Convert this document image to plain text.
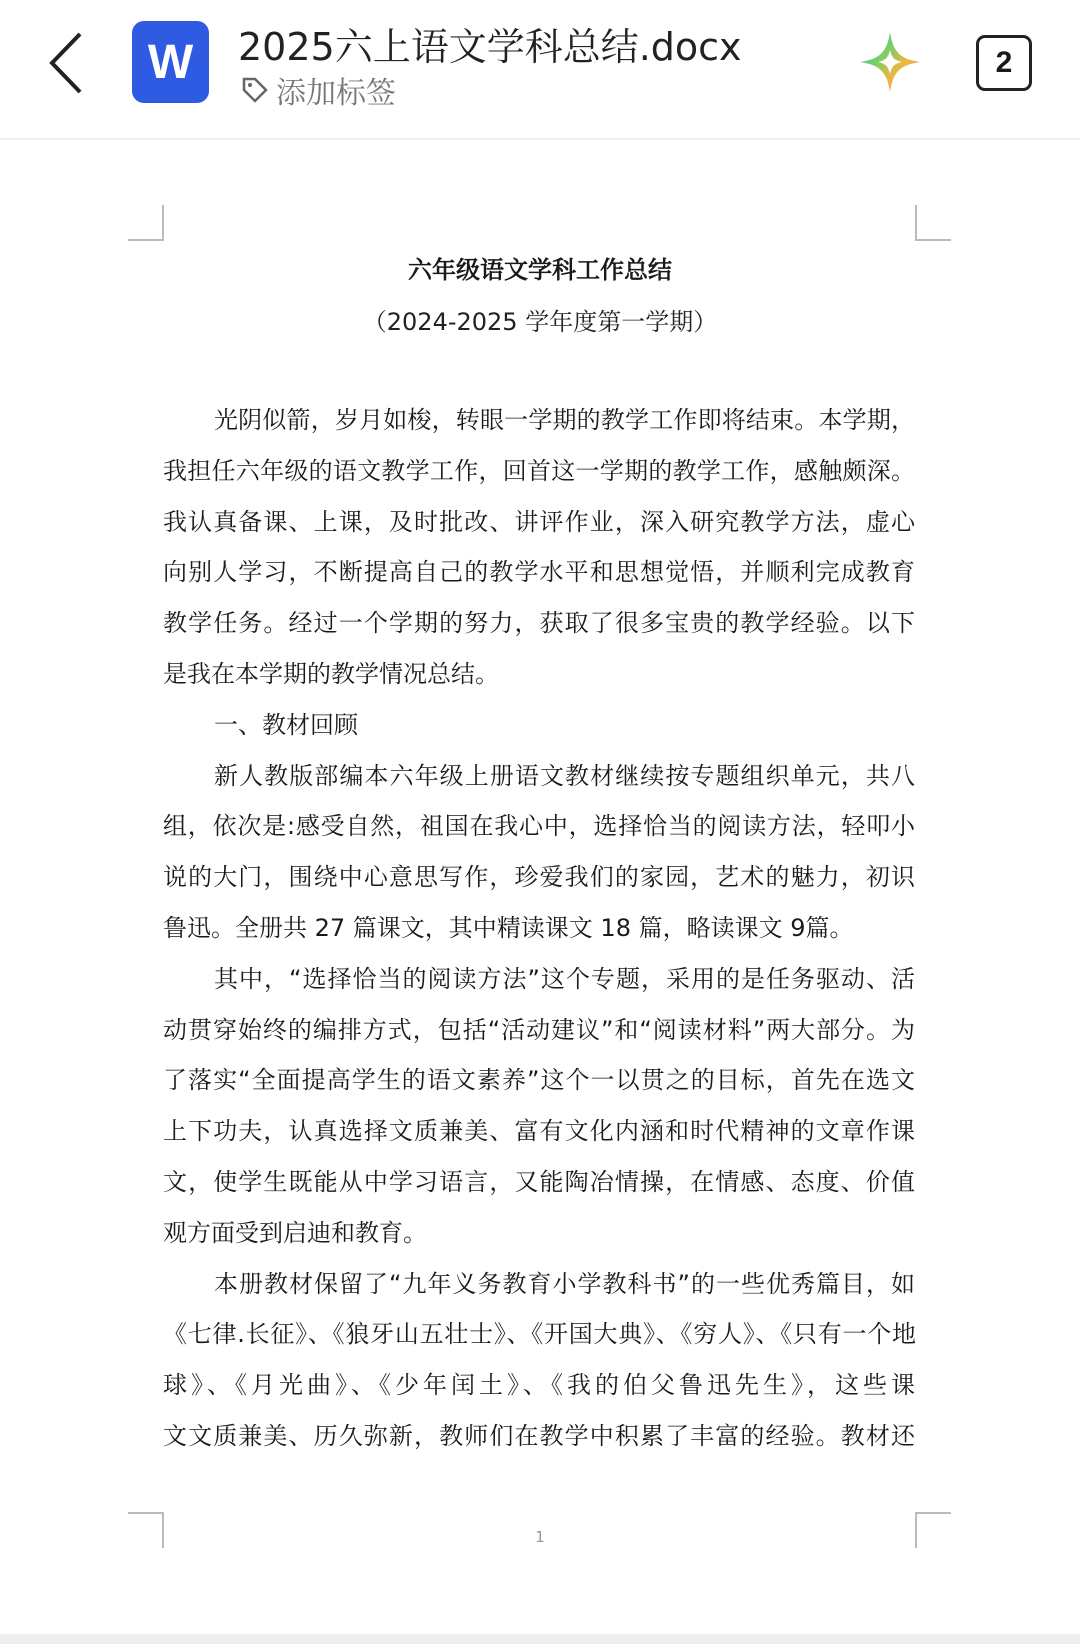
W	2025六上语文学科总结.docx
添加标签
2
六年级语文学科工作总结
（2024-2025 学年度第一学期）
光阴似箭，岁月如梭，转眼一学期的教学工作即将结束。本学期，
我担任六年级的语文教学工作，回首这一学期的教学工作，感触颇深。
我认真备课、上课，及时批改、讲评作业，深入研究教学方法，虚心
向别人学习，不断提高自己的教学水平和思想觉悟，并顺利完成教育
教学任务。经过一个学期的努力，获取了很多宝贵的教学经验。以下
是我在本学期的教学情况总结。
一、教材回顾
新人教版部编本六年级上册语文教材继续按专题组织单元，共八
组，依次是:感受自然，祖国在我心中，选择恰当的阅读方法，轻叩小
说的大门，围绕中心意思写作，珍爱我们的家园，艺术的魅力，初识
鲁迅。全册共 27 篇课文，其中精读课文 18 篇，略读课文 9篇。
其中，“选择恰当的阅读方法”这个专题，采用的是任务驱动、活
动贯穿始终的编排方式，包括“活动建议”和“阅读材料”两大部分。为
了落实“全面提高学生的语文素养”这个一以贯之的目标，首先在选文
上下功夫，认真选择文质兼美、富有文化内涵和时代精神的文章作课
文，使学生既能从中学习语言，又能陶冶情操，在情感、态度、价值
观方面受到启迪和教育。
本册教材保留了“九年义务教育小学教科书”的一些优秀篇目，如
《七律.长征》、《狼牙山五壮士》、《开国大典》、《穷人》、《只有一个地
球》、《月光曲》、《少年闰土》、《我的伯父鲁迅先生》，这些课
文文质兼美、历久弥新，教师们在教学中积累了丰富的经验。教材还
1
